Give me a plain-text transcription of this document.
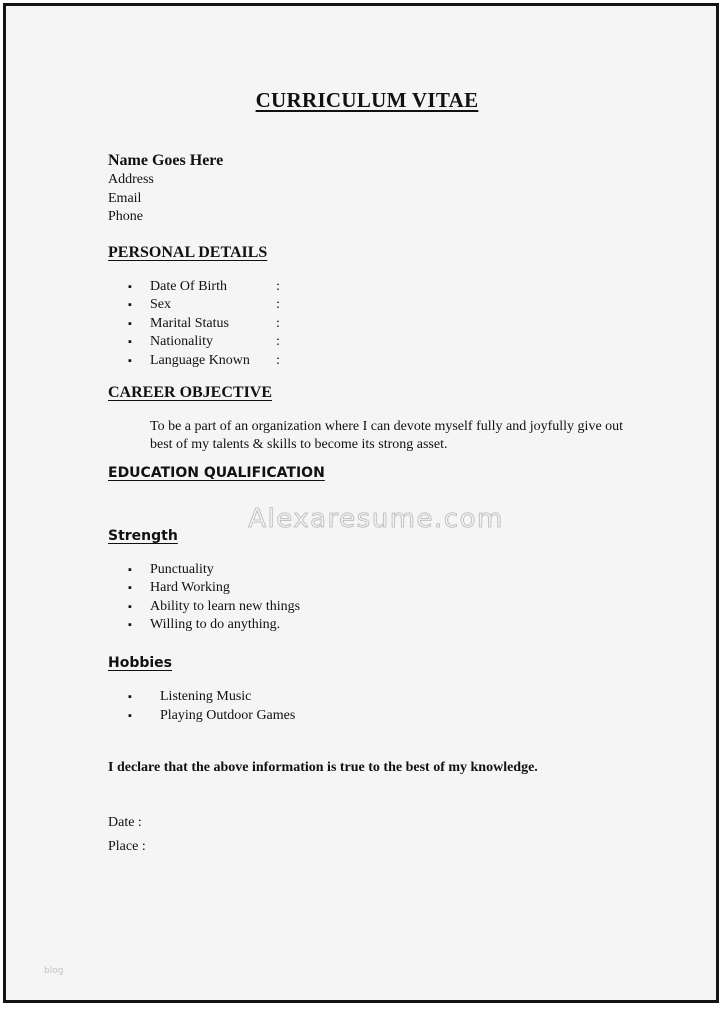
CURRICULUM VITAE

Name Goes Here

Address

Email

Phone

PERSONAL DETAILS

▪	Date Of Birth	:
▪	Sex	:
▪	Marital Status	:
▪	Nationality	:
▪	Language Known	:

CAREER OBJECTIVE

To be a part of an organization where I can devote myself fully and joyfully give out

best of my talents & skills to become its strong asset.

EDUCATION QUALIFICATION

Alexaresume.com

Strength

▪	Punctuality
▪	Hard Working
▪	Ability to learn new things
▪	Willing to do anything.

Hobbies

▪	Listening Music
▪	Playing Outdoor Games

I declare that the above information is true to the best of my knowledge.

Date :

Place :

blog
